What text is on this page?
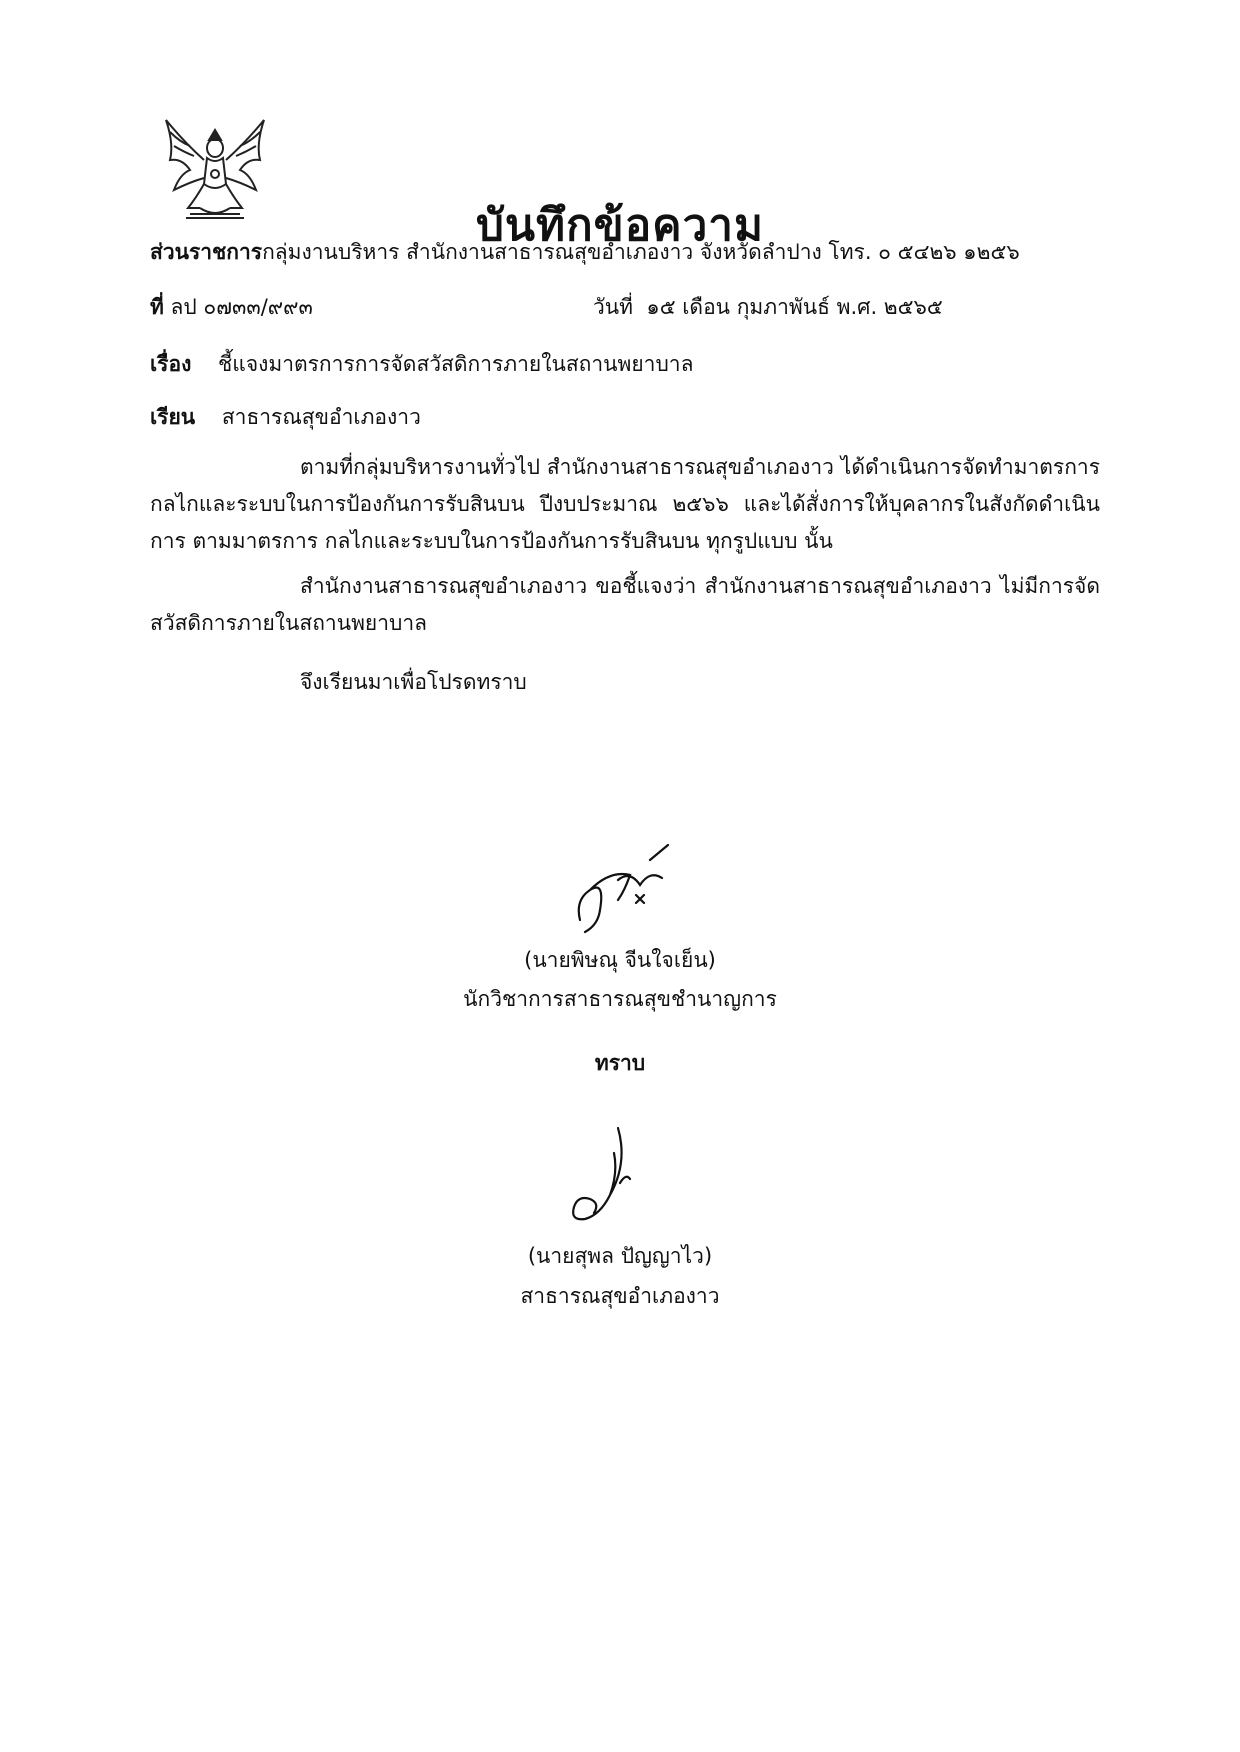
บันทึกข้อความ
ส่วนราชการกลุ่มงานบริหาร สำนักงานสาธารณสุขอำเภองาว จังหวัดลำปาง โทร. ๐ ๕๔๒๖ ๑๒๕๖
ที่ ลป ๐๗๓๓/๙๙๓	วันที่ ๑๕ เดือน กุมภาพันธ์ พ.ศ. ๒๕๖๕
เรื่อง ชี้แจงมาตรการการจัดสวัสดิการภายในสถานพยาบาล
เรียน สาธารณสุขอำเภองาว
ตามที่กลุ่มบริหารงานทั่วไป สำนักงานสาธารณสุขอำเภองาว ได้ดำเนินการจัดทำมาตรการ กลไกและระบบในการป้องกันการรับสินบน ปีงบประมาณ ๒๕๖๖ และได้สั่งการให้บุคลากรในสังกัดดำเนินการ ตามมาตรการ กลไกและระบบในการป้องกันการรับสินบน ทุกรูปแบบ นั้น
สำนักงานสาธารณสุขอำเภองาว ขอชี้แจงว่า สำนักงานสาธารณสุขอำเภองาว ไม่มีการจัดสวัสดิการภายในสถานพยาบาล
จึงเรียนมาเพื่อโปรดทราบ
(นายพิษณุ จีนใจเย็น)
นักวิชาการสาธารณสุขชำนาญการ
ทราบ
(นายสุพล ปัญญาไว)
สาธารณสุขอำเภองาว
